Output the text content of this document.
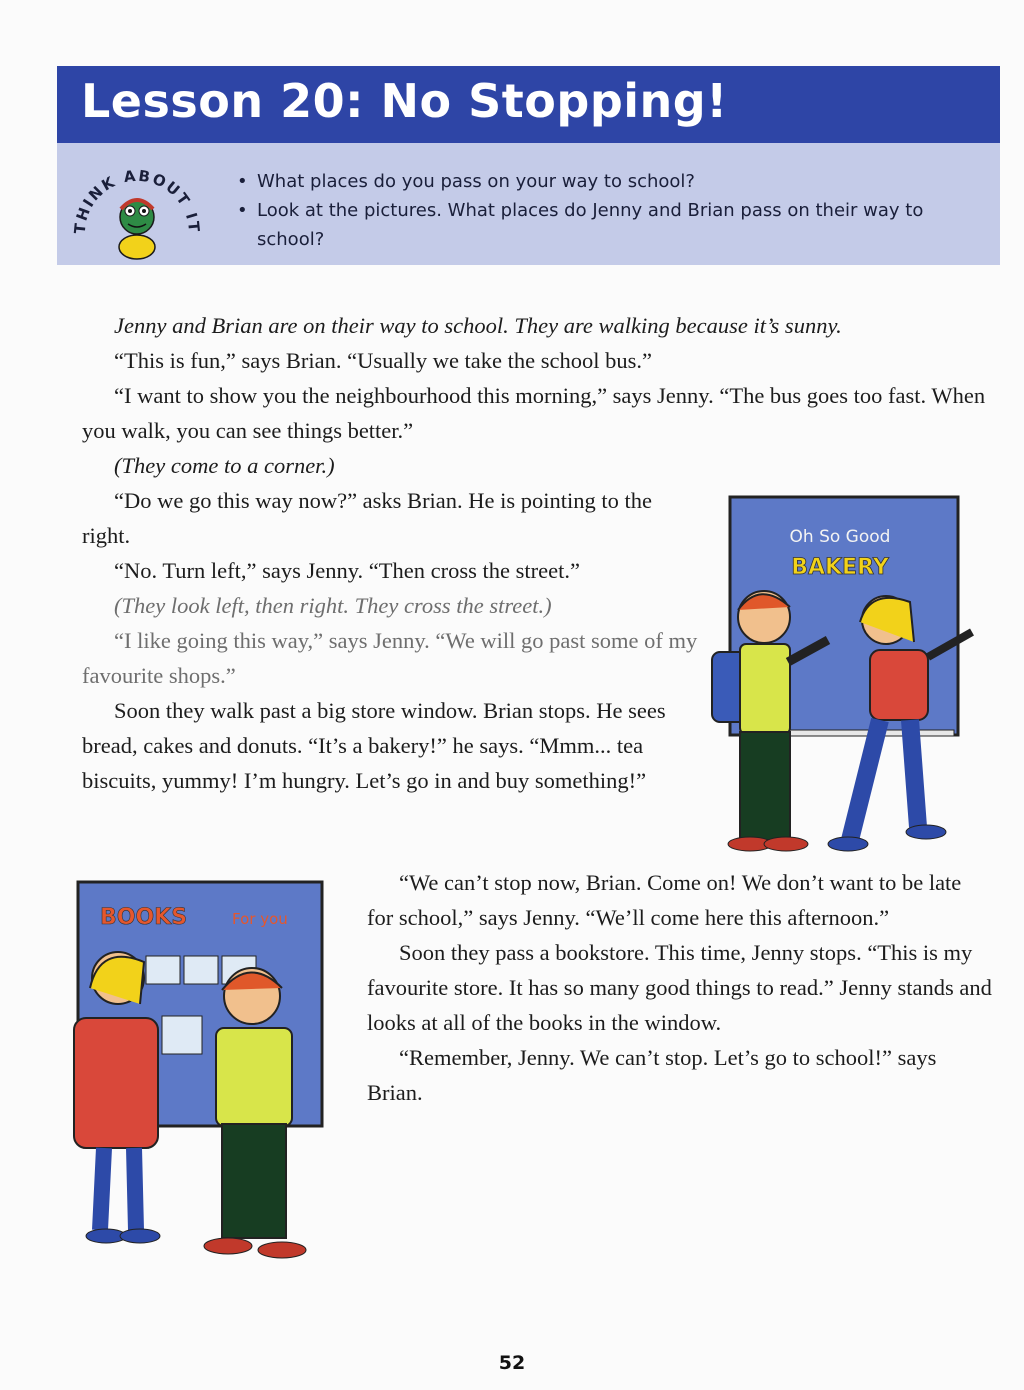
Lesson 20: No Stopping!
THINK ABOUT IT
• What places do you pass on your way to school?
• Look at the pictures. What places do Jenny and Brian pass on their way to school?

Jenny and Brian are on their way to school. They are walking because it’s sunny.

“This is fun,” says Brian. “Usually we take the school bus.”

“I want to show you the neighbourhood this morning,” says Jenny. “The bus goes too fast. When you walk, you can see things better.”

(They come to a corner.)

“Do we go this way now?” asks Brian. He is pointing to the right.

“No. Turn left,” says Jenny. “Then cross the street.”

(They look left, then right. They cross the street.)

“I like going this way,” says Jenny. “We will go past some of my favourite shops.”

Soon they walk past a big store window. Brian stops. He sees bread, cakes and donuts. “It’s a bakery!” he says. “Mmm... tea biscuits, yummy! I’m hungry. Let’s go in and buy something!”

Oh So Good
BAKERY
BOOKS	For you

“We can’t stop now, Brian. Come on! We don’t want to be late for school,” says Jenny. “We’ll come here this afternoon.”

Soon they pass a bookstore. This time, Jenny stops. “This is my favourite store. It has so many good things to read.” Jenny stands and looks at all of the books in the window.

“Remember, Jenny. We can’t stop. Let’s go to school!” says Brian.

52
